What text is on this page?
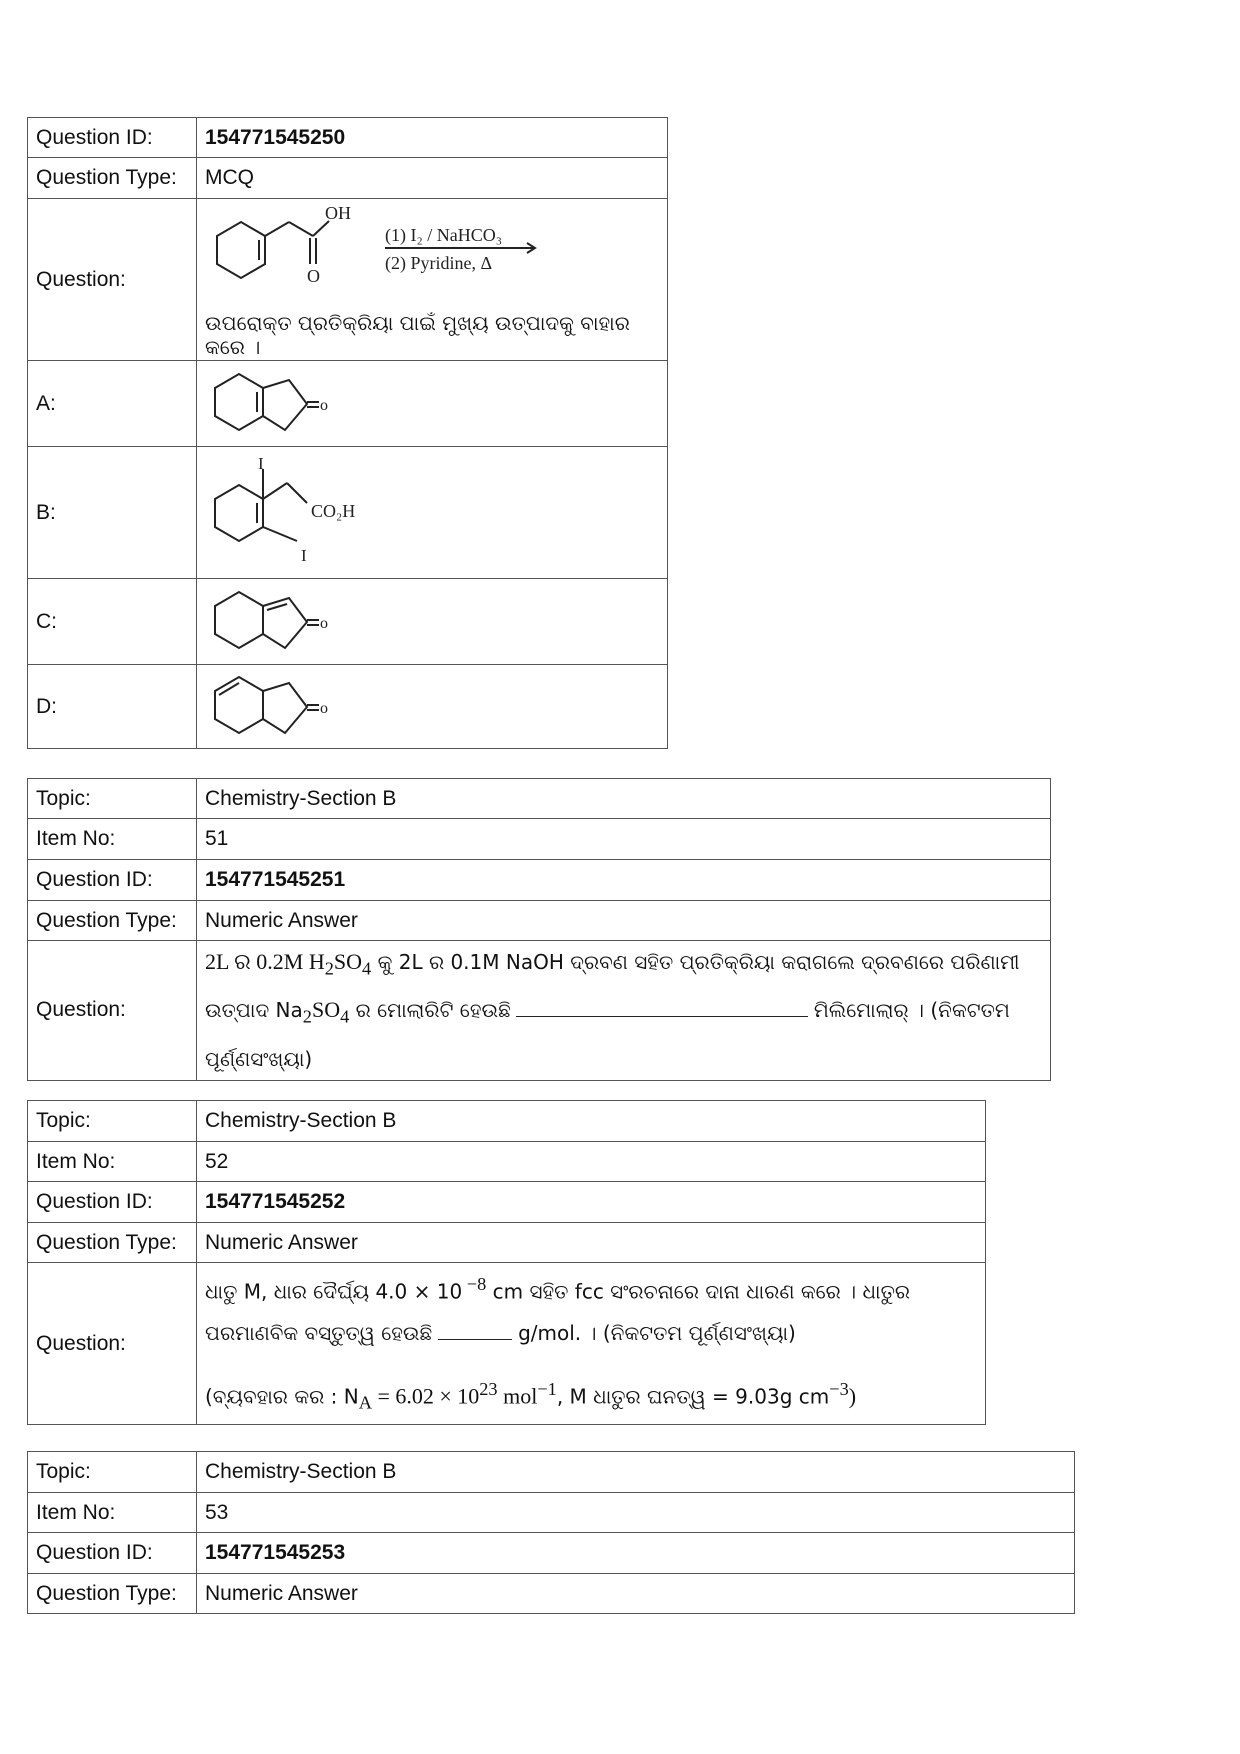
Question ID:	154771545250
Question Type:	MCQ
Question:	OH
O
(1) I₂ / NaHCO₃
(2) Pyridine, Δ
ଉପରୋକ୍ତ ପ୍ରତିକ୍ରିୟା ପାଇଁ ମୁଖ୍ୟ ଉତ୍ପାଦକୁ ବାହାର କରେ ।

A:	o

B:	I
CO₂H
I

C:	o

D:	o
Topic:	Chemistry-Section B
Item No:	51
Question ID:	154771545251
Question Type:	Numeric Answer
Question:	2L ର 0.2M $H_2SO_4$ କୁ 2L ର 0.1M NaOH ଦ୍ରବଣ ସହିତ ପ୍ରତିକ୍ରିୟା କରାଗଲେ ଦ୍ରବଣରେ ପରିଣାମୀ
ଉତ୍ପାଦ $Na_2SO_4$ ର ମୋଲାରିଟି ହେଉଛି ମିଲିମୋଲାର୍ । (ନିକଟତମ
ପୂର୍ଣ୍ଣସଂଖ୍ୟା)
Topic:	Chemistry-Section B
Item No:	52
Question ID:	154771545252
Question Type:	Numeric Answer
Question:	ଧାତୁ M, ଧାର ଦୈର୍ଘ୍ୟ 4.0 × 10 $^{-8}$ cm ସହିତ fcc ସଂରଚନାରେ ଦାନା ଧାରଣ କରେ । ଧାତୁର
ପରମାଣବିକ ବସ୍ତୁତ୍ୱ ହେଉଛି g/mol. । (ନିକଟତମ ପୂର୍ଣ୍ଣସଂଖ୍ୟା)
(ବ୍ୟବହାର କର : $N_A = 6.02 \times 10^{23}$ mol$^{-1}$, M ଧାତୁର ଘନତ୍ୱ = 9.03g $cm^{-3}$)
Topic:	Chemistry-Section B
Item No:	53
Question ID:	154771545253
Question Type:	Numeric Answer
